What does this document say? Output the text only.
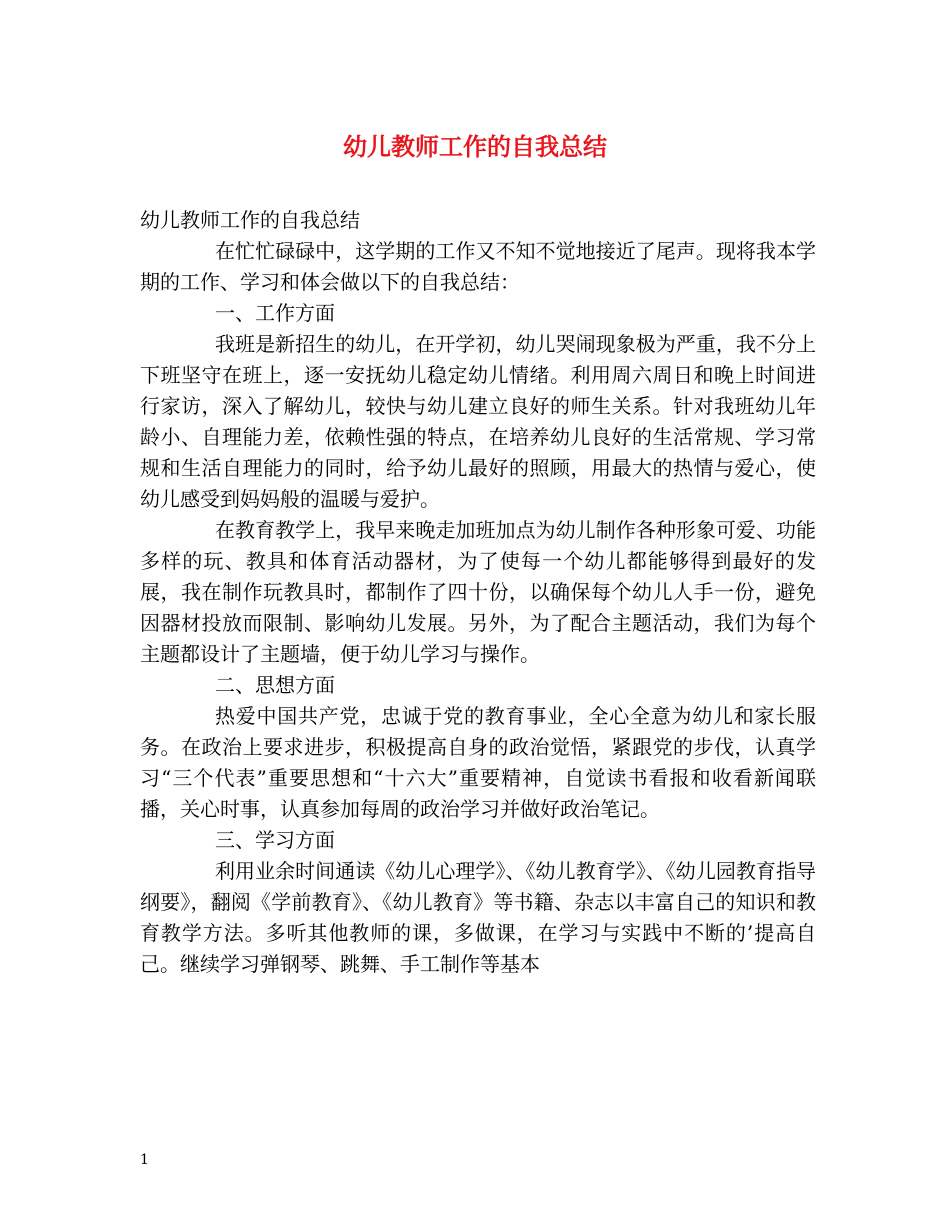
幼儿教师工作的自我总结

幼儿教师工作的自我总结

在忙忙碌碌中，这学期的工作又不知不觉地接近了尾声。现将我本学期的工作、学习和体会做以下的自我总结：

一、工作方面

我班是新招生的幼儿，在开学初，幼儿哭闹现象极为严重，我不分上下班坚守在班上，逐一安抚幼儿稳定幼儿情绪。利用周六周日和晚上时间进行家访，深入了解幼儿，较快与幼儿建立良好的师生关系。针对我班幼儿年龄小、自理能力差，依赖性强的特点，在培养幼儿良好的生活常规、学习常规和生活自理能力的同时，给予幼儿最好的照顾，用最大的热情与爱心，使幼儿感受到妈妈般的温暖与爱护。

在教育教学上，我早来晚走加班加点为幼儿制作各种形象可爱、功能多样的玩、教具和体育活动器材，为了使每一个幼儿都能够得到最好的发展，我在制作玩教具时，都制作了四十份，以确保每个幼儿人手一份，避免因器材投放而限制、影响幼儿发展。另外，为了配合主题活动，我们为每个主题都设计了主题墙，便于幼儿学习与操作。

二、思想方面

热爱中国共产党，忠诚于党的教育事业，全心全意为幼儿和家长服务。在政治上要求进步，积极提高自身的政治觉悟，紧跟党的步伐，认真学习“三个代表”重要思想和“十六大”重要精神，自觉读书看报和收看新闻联播，关心时事，认真参加每周的政治学习并做好政治笔记。

三、学习方面

利用业余时间通读《幼儿心理学》、《幼儿教育学》、《幼儿园教育指导纲要》，翻阅《学前教育》、《幼儿教育》等书籍、杂志以丰富自己的知识和教育教学方法。多听其他教师的课，多做课，在学习与实践中不断的’提高自己。继续学习弹钢琴、跳舞、手工制作等基本

1
